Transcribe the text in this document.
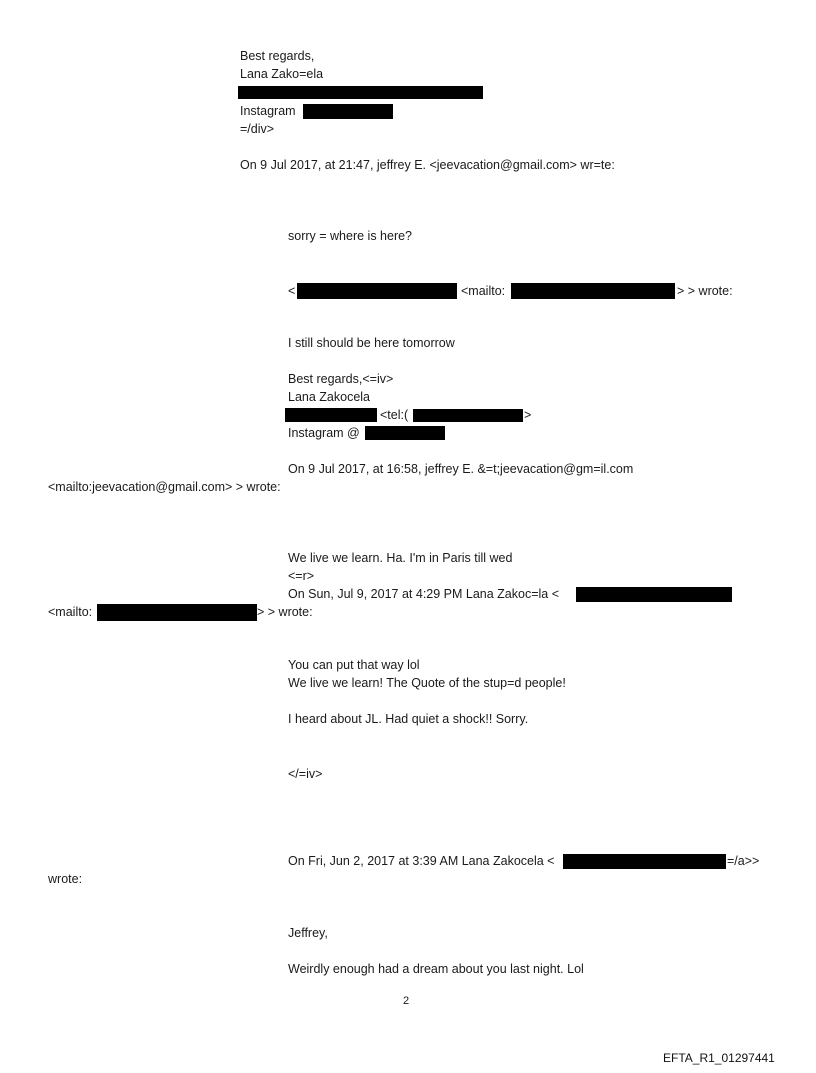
Best regards,
Lana Zako=ela
Instagram
=/div>
On 9 Jul 2017, at 21:47, jeffrey E. <jeevacation@gmail.com> wr=te:
sorry = where is here?
<	<mailto:	> > wrote:
I still should be here tomorrow
Best regards,<=iv>
Lana Zakocela
<tel:(	>
Instagram @
On 9 Jul 2017, at 16:58, jeffrey E. &=t;jeevacation@gm=il.com
<mailto:jeevacation@gmail.com> > wrote:
We live we learn. Ha. I'm in Paris till wed
<=r>
On Sun, Jul 9, 2017 at 4:29 PM Lana Zakoc=la <
<mailto:	> > wrote:
You can put that way lol
We live we learn! The Quote of the stup=d people!
I heard about JL. Had quiet a shock!! Sorry.
</=iv>
On Fri, Jun 2, 2017 at 3:39 AM Lana Zakocela <	=/a>>
wrote:
Jeffrey,
Weirdly enough had a dream about you last night. Lol
2
EFTA_R1_01297441
